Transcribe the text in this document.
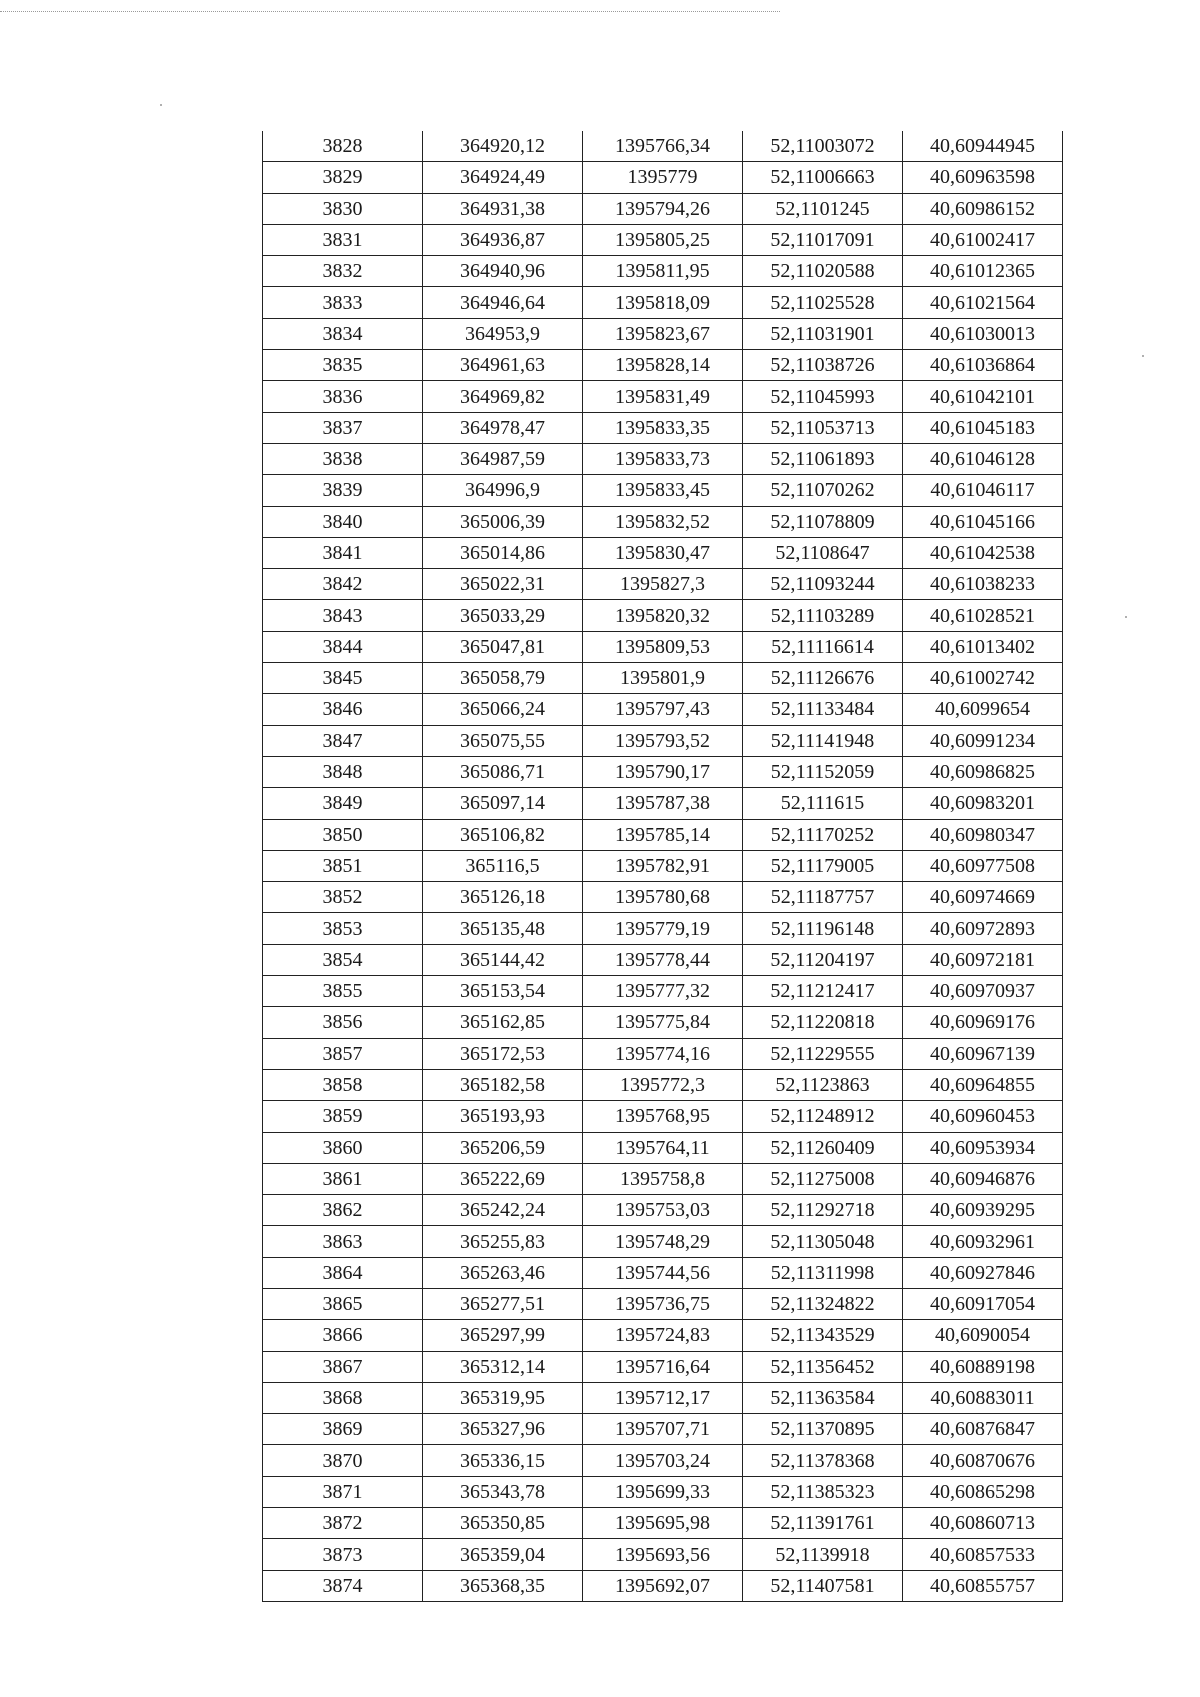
3828	364920,12	1395766,34	52,11003072	40,60944945
3829	364924,49	1395779	52,11006663	40,60963598
3830	364931,38	1395794,26	52,1101245	40,60986152
3831	364936,87	1395805,25	52,11017091	40,61002417
3832	364940,96	1395811,95	52,11020588	40,61012365
3833	364946,64	1395818,09	52,11025528	40,61021564
3834	364953,9	1395823,67	52,11031901	40,61030013
3835	364961,63	1395828,14	52,11038726	40,61036864
3836	364969,82	1395831,49	52,11045993	40,61042101
3837	364978,47	1395833,35	52,11053713	40,61045183
3838	364987,59	1395833,73	52,11061893	40,61046128
3839	364996,9	1395833,45	52,11070262	40,61046117
3840	365006,39	1395832,52	52,11078809	40,61045166
3841	365014,86	1395830,47	52,1108647	40,61042538
3842	365022,31	1395827,3	52,11093244	40,61038233
3843	365033,29	1395820,32	52,11103289	40,61028521
3844	365047,81	1395809,53	52,11116614	40,61013402
3845	365058,79	1395801,9	52,11126676	40,61002742
3846	365066,24	1395797,43	52,11133484	40,6099654
3847	365075,55	1395793,52	52,11141948	40,60991234
3848	365086,71	1395790,17	52,11152059	40,60986825
3849	365097,14	1395787,38	52,111615	40,60983201
3850	365106,82	1395785,14	52,11170252	40,60980347
3851	365116,5	1395782,91	52,11179005	40,60977508
3852	365126,18	1395780,68	52,11187757	40,60974669
3853	365135,48	1395779,19	52,11196148	40,60972893
3854	365144,42	1395778,44	52,11204197	40,60972181
3855	365153,54	1395777,32	52,11212417	40,60970937
3856	365162,85	1395775,84	52,11220818	40,60969176
3857	365172,53	1395774,16	52,11229555	40,60967139
3858	365182,58	1395772,3	52,1123863	40,60964855
3859	365193,93	1395768,95	52,11248912	40,60960453
3860	365206,59	1395764,11	52,11260409	40,60953934
3861	365222,69	1395758,8	52,11275008	40,60946876
3862	365242,24	1395753,03	52,11292718	40,60939295
3863	365255,83	1395748,29	52,11305048	40,60932961
3864	365263,46	1395744,56	52,11311998	40,60927846
3865	365277,51	1395736,75	52,11324822	40,60917054
3866	365297,99	1395724,83	52,11343529	40,6090054
3867	365312,14	1395716,64	52,11356452	40,60889198
3868	365319,95	1395712,17	52,11363584	40,60883011
3869	365327,96	1395707,71	52,11370895	40,60876847
3870	365336,15	1395703,24	52,11378368	40,60870676
3871	365343,78	1395699,33	52,11385323	40,60865298
3872	365350,85	1395695,98	52,11391761	40,60860713
3873	365359,04	1395693,56	52,1139918	40,60857533
3874	365368,35	1395692,07	52,11407581	40,60855757
